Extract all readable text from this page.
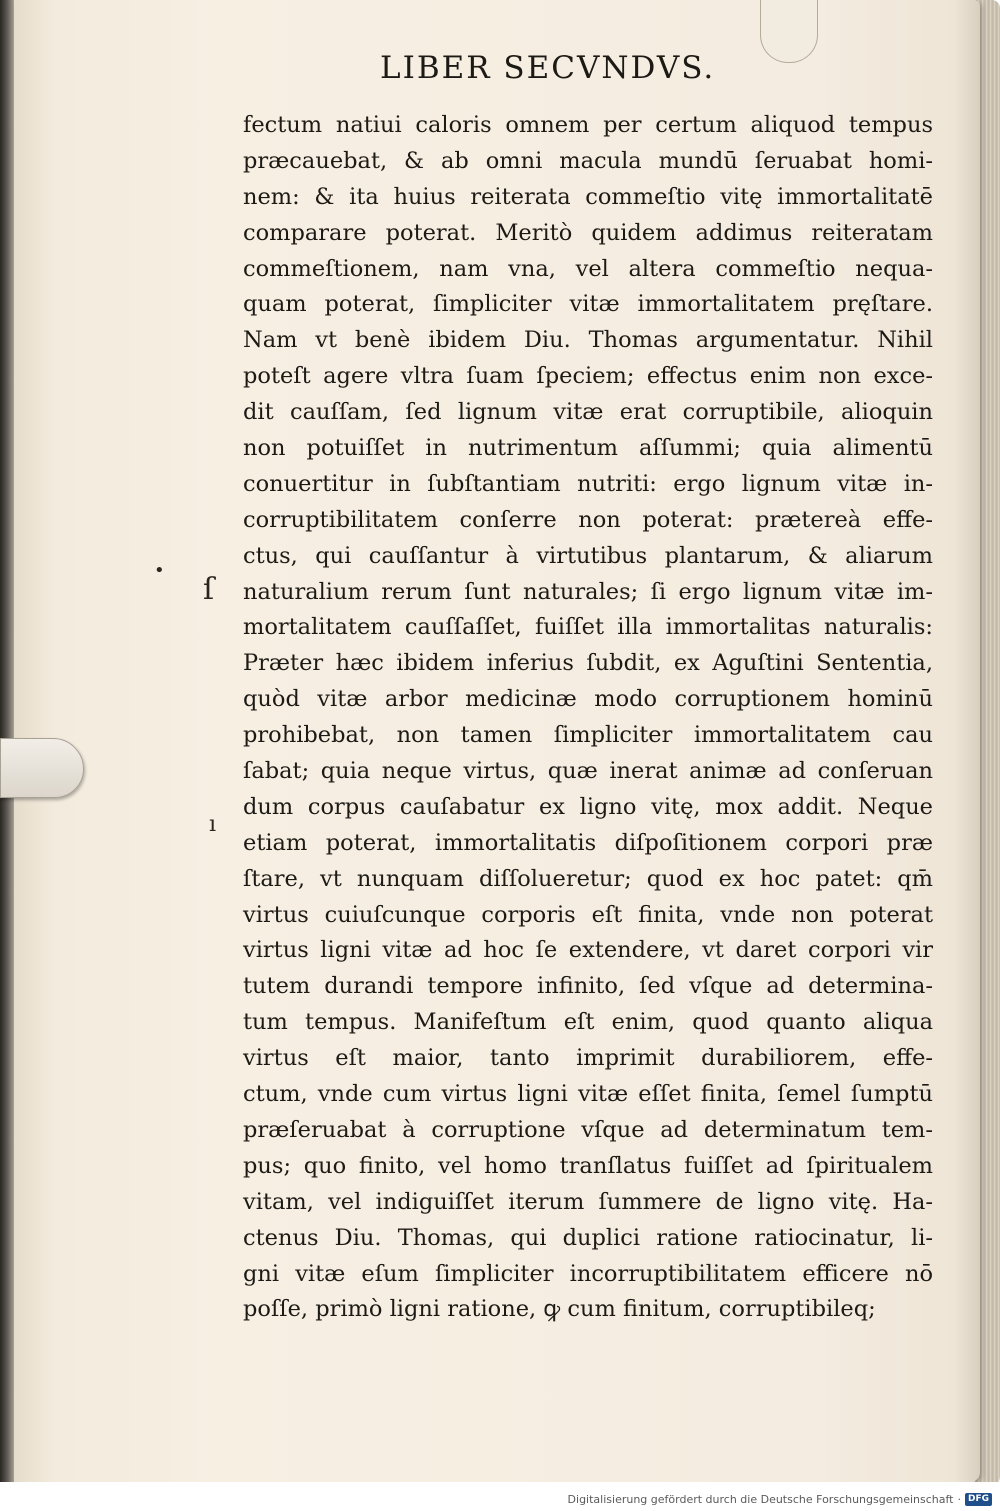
LIBER SECVNDVS.
•
ſ
ı
fectum natiui caloris omnem per certum aliquod tempus
præcauebat, & ab omni macula mundū ſeruabat homi-
nem: & ita huius reiterata commeſtio vitę immortalitatē
comparare poterat. Meritò quidem addimus reiteratam
commeſtionem, nam vna, vel altera commeſtio nequa-
quam poterat, ſimpliciter vitæ immortalitatem pręſtare.
Nam vt benè ibidem Diu. Thomas argumentatur. Nihil
poteſt agere vltra ſuam ſpeciem; effectus enim non exce-
dit cauſſam, ſed lignum vitæ erat corruptibile, alioquin
non potuiſſet in nutrimentum aſſummi; quia alimentū
conuertitur in ſubſtantiam nutriti: ergo lignum vitæ in-
corruptibilitatem conſerre non poterat: prætereà effe-
ctus, qui cauſſantur à virtutibus plantarum, & aliarum
naturalium rerum ſunt naturales; ſi ergo lignum vitæ im-
mortalitatem cauſſaſſet, fuiſſet illa immortalitas naturalis:
Præter hæc ibidem inferius ſubdit, ex Aguſtini Sententia,
quòd vitæ arbor medicinæ modo corruptionem hominū
prohibebat, non tamen ſimpliciter immortalitatem cau
ſabat; quia neque virtus, quæ inerat animæ ad conſeruan
dum corpus cauſabatur ex ligno vitę, mox addit. Neque
etiam poterat, immortalitatis diſpoſitionem corpori præ
ſtare, vt nunquam diſſolueretur; quod ex hoc patet: qm̄
virtus cuiuſcunque corporis eſt finita, vnde non poterat
virtus ligni vitæ ad hoc ſe extendere, vt daret corpori vir
tutem durandi tempore infinito, ſed vſque ad determina-
tum tempus. Manifeſtum eſt enim, quod quanto aliqua
virtus eſt maior, tanto imprimit durabiliorem, effe-
ctum, vnde cum virtus ligni vitæ eſſet finita, ſemel ſumptū
præſeruabat à corruptione vſque ad determinatum tem-
pus; quo finito, vel homo tranſlatus fuiſſet ad ſpiritualem
vitam, vel indiguiſſet iterum ſummere de ligno vitę. Ha-
ctenus Diu. Thomas, qui duplici ratione ratiocinatur, li-
gni vitæ eſum ſimpliciter incorruptibilitatem efficere nō
poſſe, primò ligni ratione, ꝙ cum finitum, corruptibileq;
Digitalisierung gefördert durch die Deutsche Forschungsgemeinschaft · DFG
